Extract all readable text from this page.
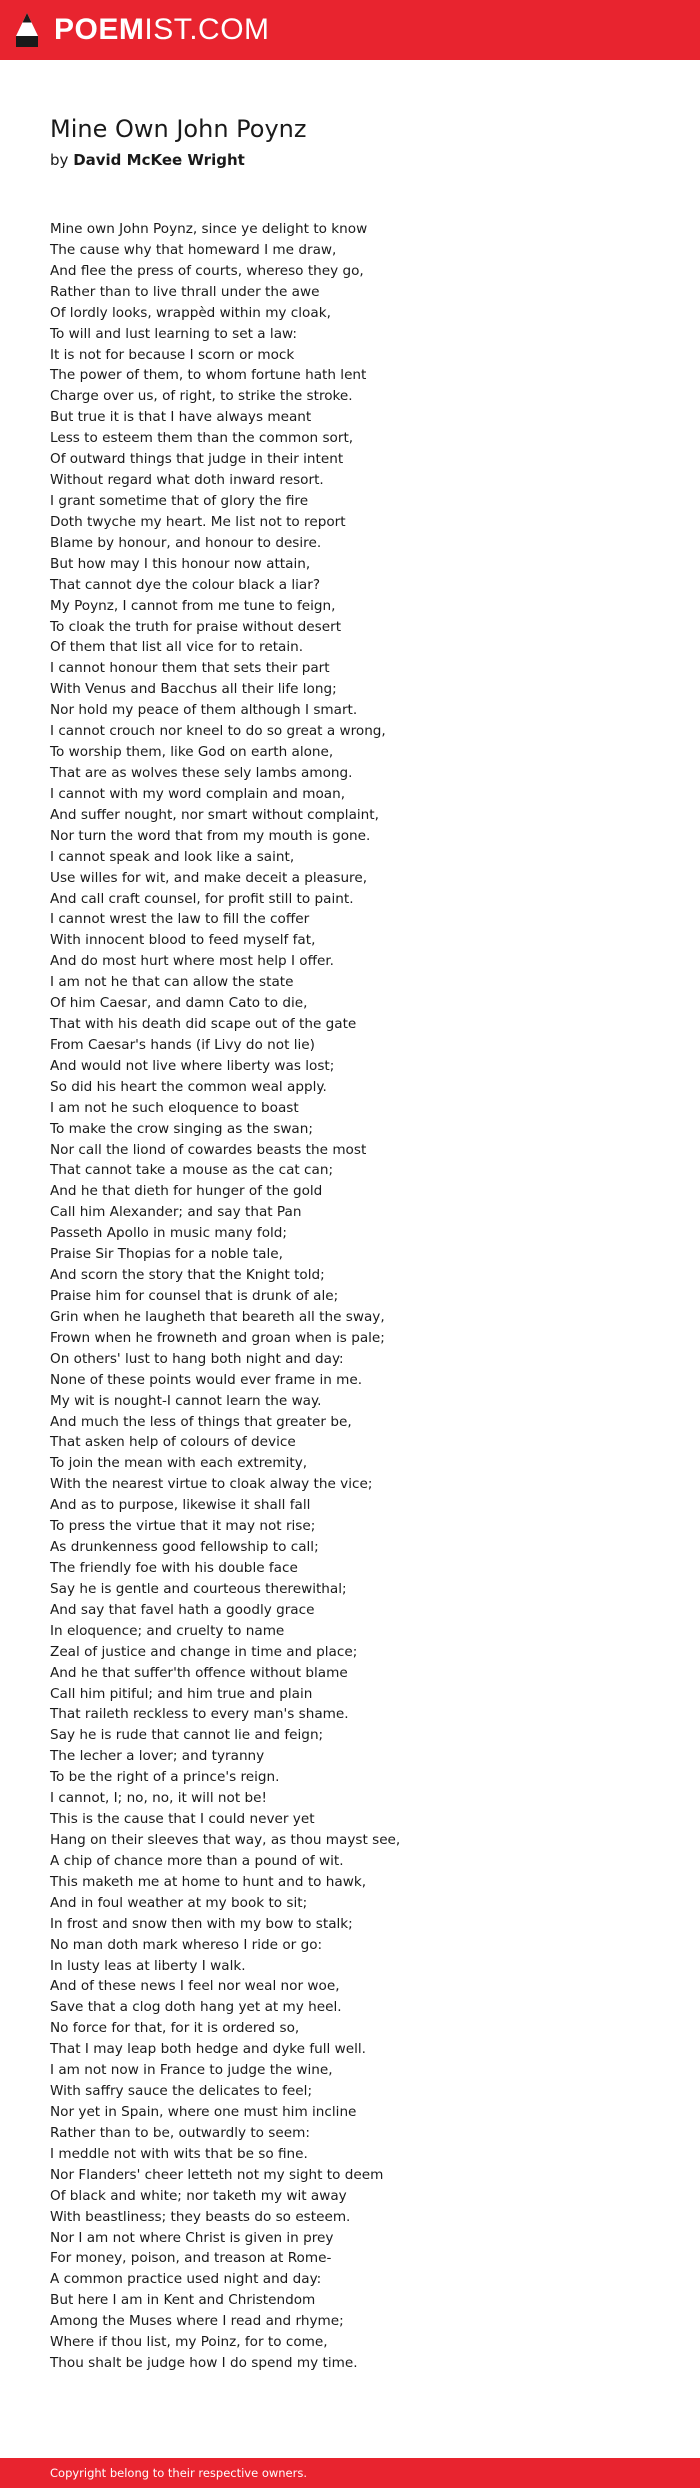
POEMIST.COM
Mine Own John Poynz
by David McKee Wright
Mine own John Poynz, since ye delight to know
The cause why that homeward I me draw,
And flee the press of courts, whereso they go,
Rather than to live thrall under the awe
Of lordly looks, wrappèd within my cloak,
To will and lust learning to set a law:
It is not for because I scorn or mock
The power of them, to whom fortune hath lent
Charge over us, of right, to strike the stroke.
But true it is that I have always meant
Less to esteem them than the common sort,
Of outward things that judge in their intent
Without regard what doth inward resort.
I grant sometime that of glory the fire
Doth twyche my heart. Me list not to report
Blame by honour, and honour to desire.
But how may I this honour now attain,
That cannot dye the colour black a liar?
My Poynz, I cannot from me tune to feign,
To cloak the truth for praise without desert
Of them that list all vice for to retain.
I cannot honour them that sets their part
With Venus and Bacchus all their life long;
Nor hold my peace of them although I smart.
I cannot crouch nor kneel to do so great a wrong,
To worship them, like God on earth alone,
That are as wolves these sely lambs among.
I cannot with my word complain and moan,
And suffer nought, nor smart without complaint,
Nor turn the word that from my mouth is gone.
I cannot speak and look like a saint,
Use willes for wit, and make deceit a pleasure,
And call craft counsel, for profit still to paint.
I cannot wrest the law to fill the coffer
With innocent blood to feed myself fat,
And do most hurt where most help I offer.
I am not he that can allow the state
Of him Caesar, and damn Cato to die,
That with his death did scape out of the gate
From Caesar's hands (if Livy do not lie)
And would not live where liberty was lost;
So did his heart the common weal apply.
I am not he such eloquence to boast
To make the crow singing as the swan;
Nor call the liond of cowardes beasts the most
That cannot take a mouse as the cat can;
And he that dieth for hunger of the gold
Call him Alexander; and say that Pan
Passeth Apollo in music many fold;
Praise Sir Thopias for a noble tale,
And scorn the story that the Knight told;
Praise him for counsel that is drunk of ale;
Grin when he laugheth that beareth all the sway,
Frown when he frowneth and groan when is pale;
On others' lust to hang both night and day:
None of these points would ever frame in me.
My wit is nought-I cannot learn the way.
And much the less of things that greater be,
That asken help of colours of device
To join the mean with each extremity,
With the nearest virtue to cloak alway the vice;
And as to purpose, likewise it shall fall
To press the virtue that it may not rise;
As drunkenness good fellowship to call;
The friendly foe with his double face
Say he is gentle and courteous therewithal;
And say that favel hath a goodly grace
In eloquence; and cruelty to name
Zeal of justice and change in time and place;
And he that suffer'th offence without blame
Call him pitiful; and him true and plain
That raileth reckless to every man's shame.
Say he is rude that cannot lie and feign;
The lecher a lover; and tyranny
To be the right of a prince's reign.
I cannot, I; no, no, it will not be!
This is the cause that I could never yet
Hang on their sleeves that way, as thou mayst see,
A chip of chance more than a pound of wit.
This maketh me at home to hunt and to hawk,
And in foul weather at my book to sit;
In frost and snow then with my bow to stalk;
No man doth mark whereso I ride or go:
In lusty leas at liberty I walk.
And of these news I feel nor weal nor woe,
Save that a clog doth hang yet at my heel.
No force for that, for it is ordered so,
That I may leap both hedge and dyke full well.
I am not now in France to judge the wine,
With saffry sauce the delicates to feel;
Nor yet in Spain, where one must him incline
Rather than to be, outwardly to seem:
I meddle not with wits that be so fine.
Nor Flanders' cheer letteth not my sight to deem
Of black and white; nor taketh my wit away
With beastliness; they beasts do so esteem.
Nor I am not where Christ is given in prey
For money, poison, and treason at Rome-
A common practice used night and day:
But here I am in Kent and Christendom
Among the Muses where I read and rhyme;
Where if thou list, my Poinz, for to come,
Thou shalt be judge how I do spend my time.
Copyright belong to their respective owners.
